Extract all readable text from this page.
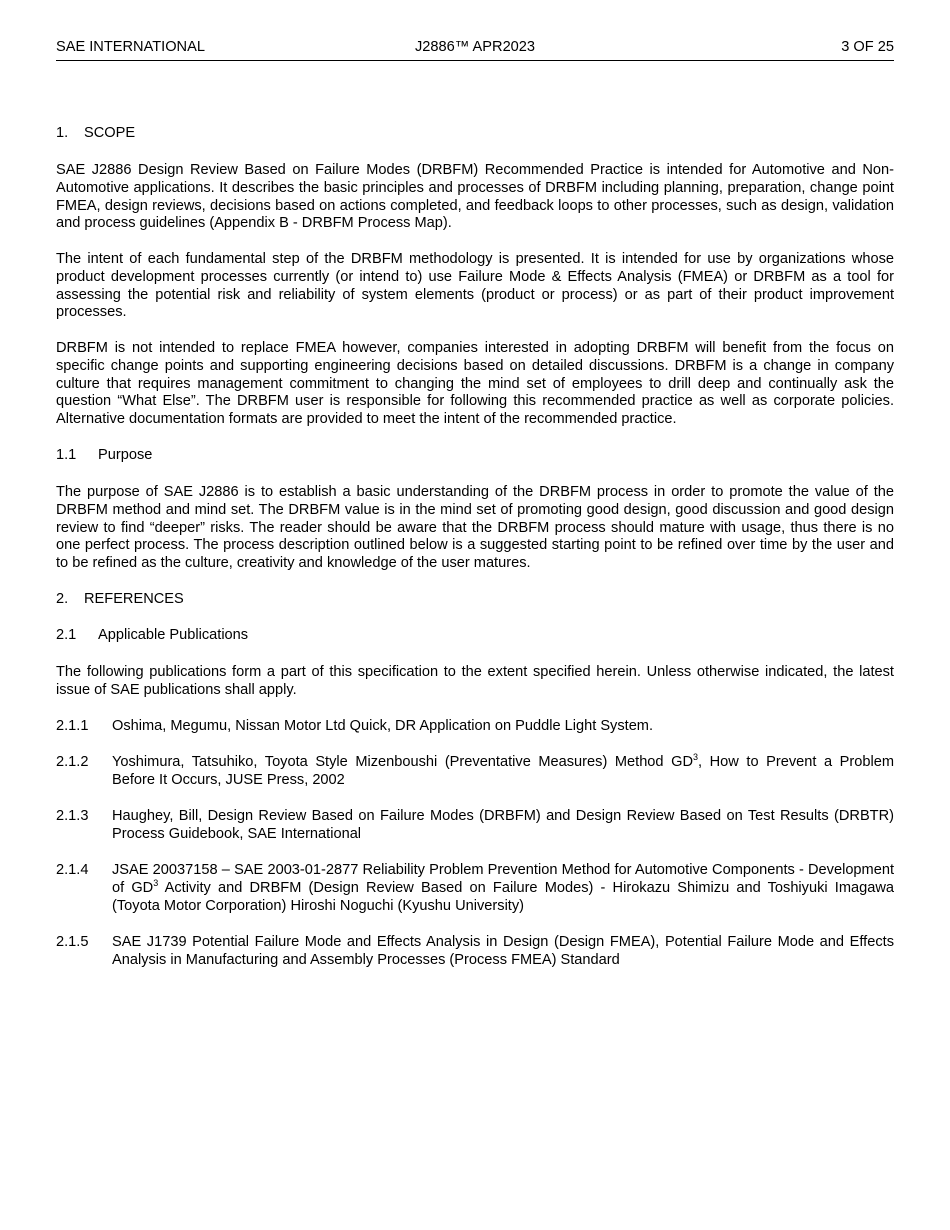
SAE INTERNATIONAL	J2886™ APR2023	3 OF 25
1. SCOPE
SAE J2886 Design Review Based on Failure Modes (DRBFM) Recommended Practice is intended for Automotive and Non-Automotive applications. It describes the basic principles and processes of DRBFM including planning, preparation, change point FMEA, design reviews, decisions based on actions completed, and feedback loops to other processes, such as design, validation and process guidelines (Appendix B - DRBFM Process Map).
The intent of each fundamental step of the DRBFM methodology is presented. It is intended for use by organizations whose product development processes currently (or intend to) use Failure Mode & Effects Analysis (FMEA) or DRBFM as a tool for assessing the potential risk and reliability of system elements (product or process) or as part of their product improvement processes.
DRBFM is not intended to replace FMEA however, companies interested in adopting DRBFM will benefit from the focus on specific change points and supporting engineering decisions based on detailed discussions. DRBFM is a change in company culture that requires management commitment to changing the mind set of employees to drill deep and continually ask the question “What Else”. The DRBFM user is responsible for following this recommended practice as well as corporate policies. Alternative documentation formats are provided to meet the intent of the recommended practice.
1.1 Purpose
The purpose of SAE J2886 is to establish a basic understanding of the DRBFM process in order to promote the value of the DRBFM method and mind set. The DRBFM value is in the mind set of promoting good design, good discussion and good design review to find “deeper” risks. The reader should be aware that the DRBFM process should mature with usage, thus there is no one perfect process. The process description outlined below is a suggested starting point to be refined over time by the user and to be refined as the culture, creativity and knowledge of the user matures.
2. REFERENCES
2.1 Applicable Publications
The following publications form a part of this specification to the extent specified herein. Unless otherwise indicated, the latest issue of SAE publications shall apply.
2.1.1 Oshima, Megumu, Nissan Motor Ltd Quick, DR Application on Puddle Light System.
2.1.2 Yoshimura, Tatsuhiko, Toyota Style Mizenboushi (Preventative Measures) Method $GD^3$, How to Prevent a Problem Before It Occurs, JUSE Press, 2002
2.1.3 Haughey, Bill, Design Review Based on Failure Modes (DRBFM) and Design Review Based on Test Results (DRBTR) Process Guidebook, SAE International
2.1.4 JSAE 20037158 – SAE 2003-01-2877 Reliability Problem Prevention Method for Automotive Components - Development of $GD^3$ Activity and DRBFM (Design Review Based on Failure Modes) - Hirokazu Shimizu and Toshiyuki Imagawa (Toyota Motor Corporation) Hiroshi Noguchi (Kyushu University)
2.1.5 SAE J1739 Potential Failure Mode and Effects Analysis in Design (Design FMEA), Potential Failure Mode and Effects Analysis in Manufacturing and Assembly Processes (Process FMEA) Standard
